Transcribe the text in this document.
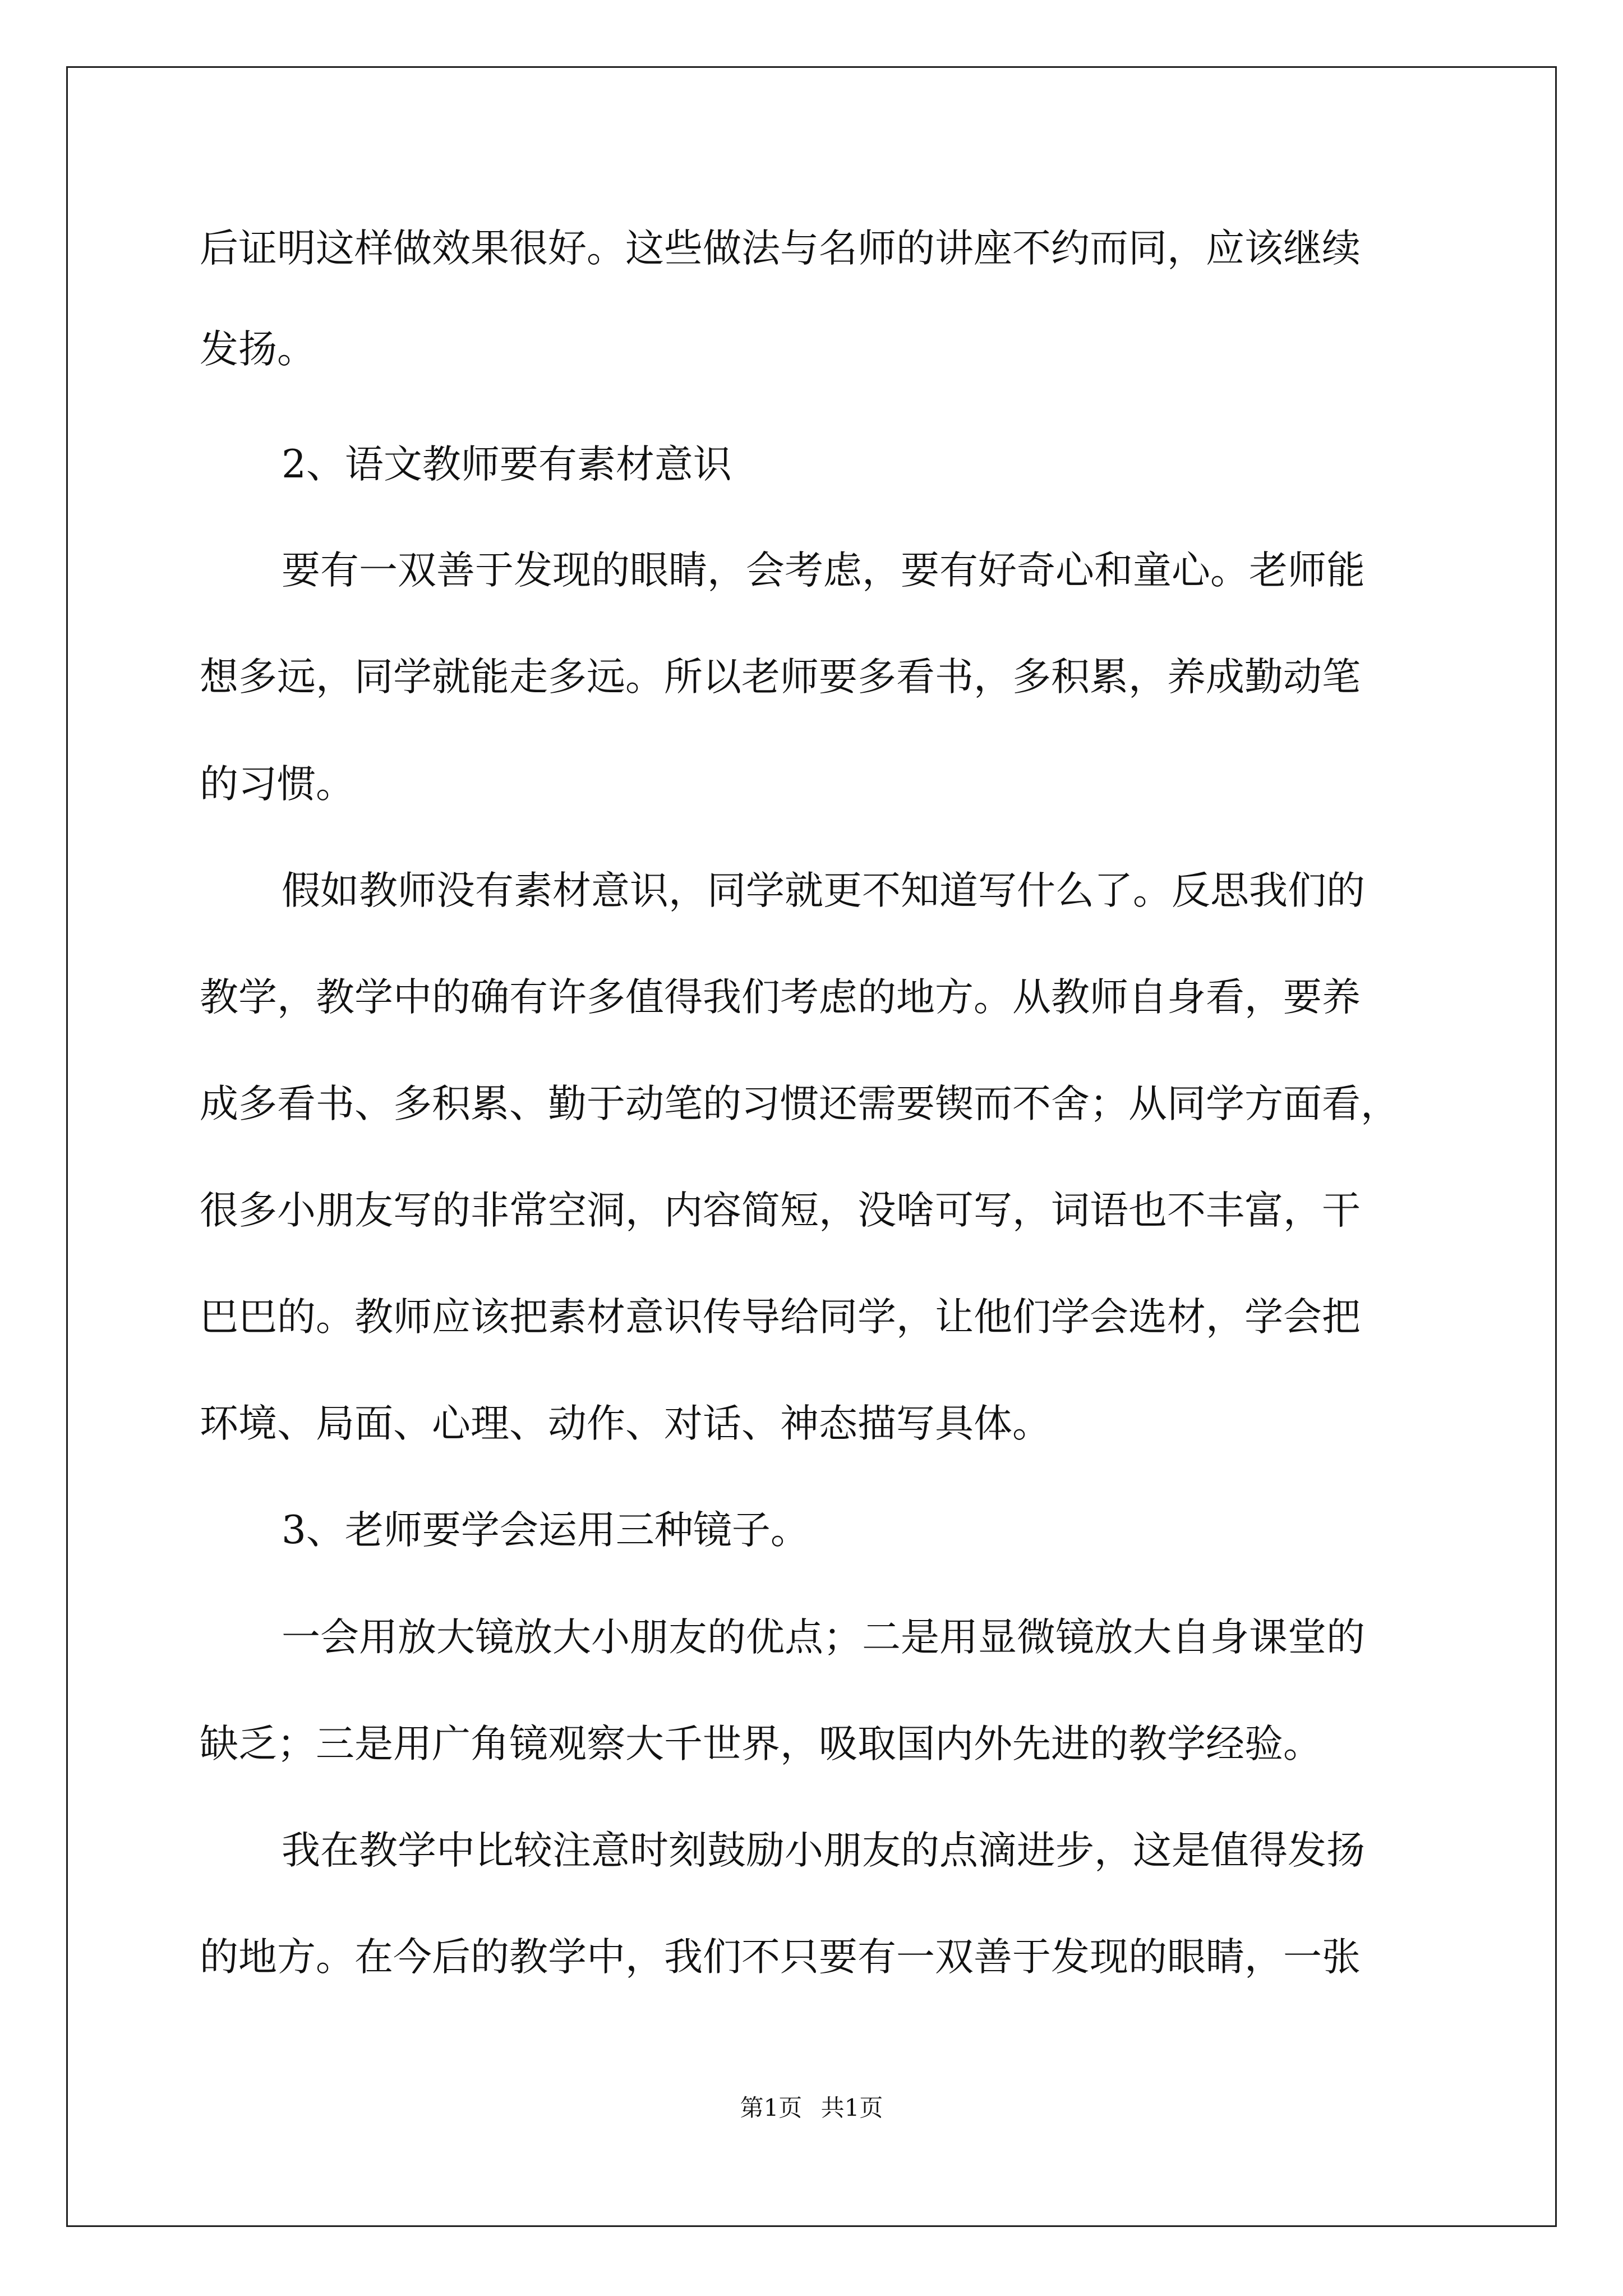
后证明这样做效果很好。这些做法与名师的讲座不约而同，应该继续
发扬。
2、语文教师要有素材意识
要有一双善于发现的眼睛，会考虑，要有好奇心和童心。老师能
想多远，同学就能走多远。所以老师要多看书，多积累，养成勤动笔
的习惯。
假如教师没有素材意识，同学就更不知道写什么了。反思我们的
教学，教学中的确有许多值得我们考虑的地方。从教师自身看，要养
成多看书、多积累、勤于动笔的习惯还需要锲而不舍；从同学方面看，
很多小朋友写的非常空洞，内容简短，没啥可写，词语也不丰富，干
巴巴的。教师应该把素材意识传导给同学，让他们学会选材，学会把
环境、局面、心理、动作、对话、神态描写具体。
3、老师要学会运用三种镜子。
一会用放大镜放大小朋友的优点；二是用显微镜放大自身课堂的
缺乏；三是用广角镜观察大千世界，吸取国内外先进的教学经验。
我在教学中比较注意时刻鼓励小朋友的点滴进步，这是值得发扬
的地方。在今后的教学中，我们不只要有一双善于发现的眼睛，一张
第1页 共1页
